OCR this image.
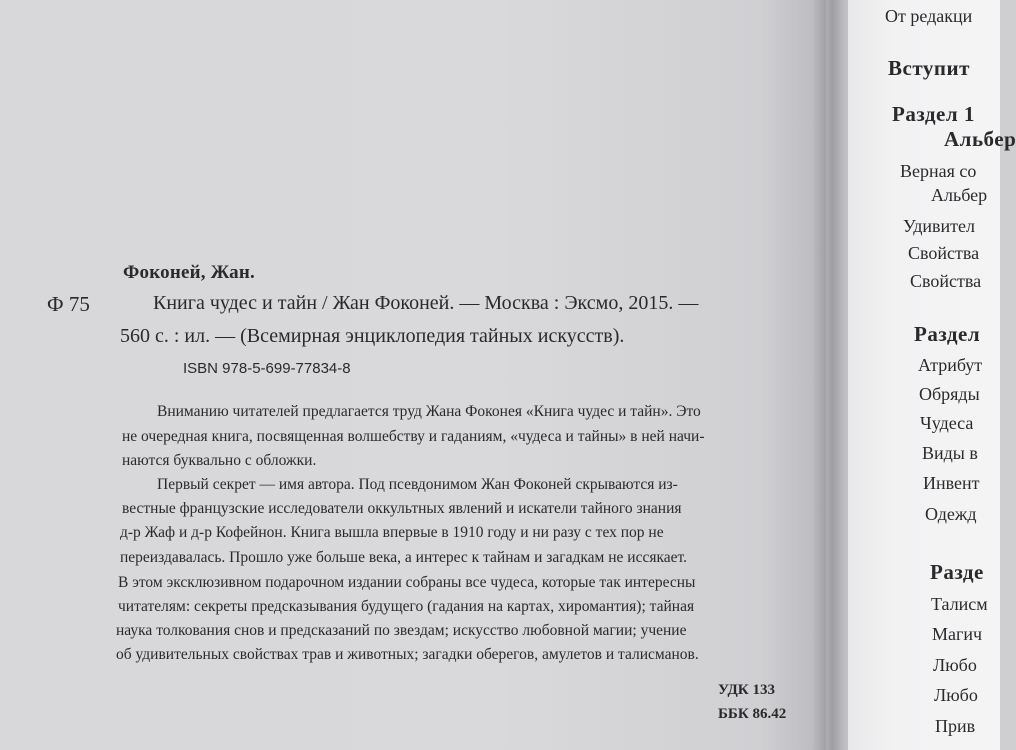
Фоконей, Жан.
Ф 75	Книга чудес и тайн / Жан Фоконей. — Москва : Эксмо, 2015. —
560 с. : ил. — (Всемирная энциклопедия тайных искусств).
ISBN 978-5-699-77834-8
Вниманию читателей предлагается труд Жана Фоконея «Книга чудес и тайн». Это
не очередная книга, посвященная волшебству и гаданиям, «чудеса и тайны» в ней начи-
наются буквально с обложки.
Первый секрет — имя автора. Под псевдонимом Жан Фоконей скрываются из-
вестные французские исследователи оккультных явлений и искатели тайного знания
д-р Жаф и д-р Кофейнон. Книга вышла впервые в 1910 году и ни разу с тех пор не
переиздавалась. Прошло уже больше века, а интерес к тайнам и загадкам не иссякает.
В этом эксклюзивном подарочном издании собраны все чудеса, которые так интересны
читателям: секреты предсказывания будущего (гадания на картах, хиромантия); тайная
наука толкования снов и предсказаний по звездам; искусство любовной магии; учение
об удивительных свойствах трав и животных; загадки оберегов, амулетов и талисманов.
УДК 133
ББК 86.42
От редакци
Вступит
Раздел 1
Альбер
Верная со
Альбер
Удивител
Свойства
Свойства
Раздел
Атрибут
Обряды
Чудеса
Виды в
Инвент
Одежд
Разде
Талисм
Магич
Любо
Любо
Прив
